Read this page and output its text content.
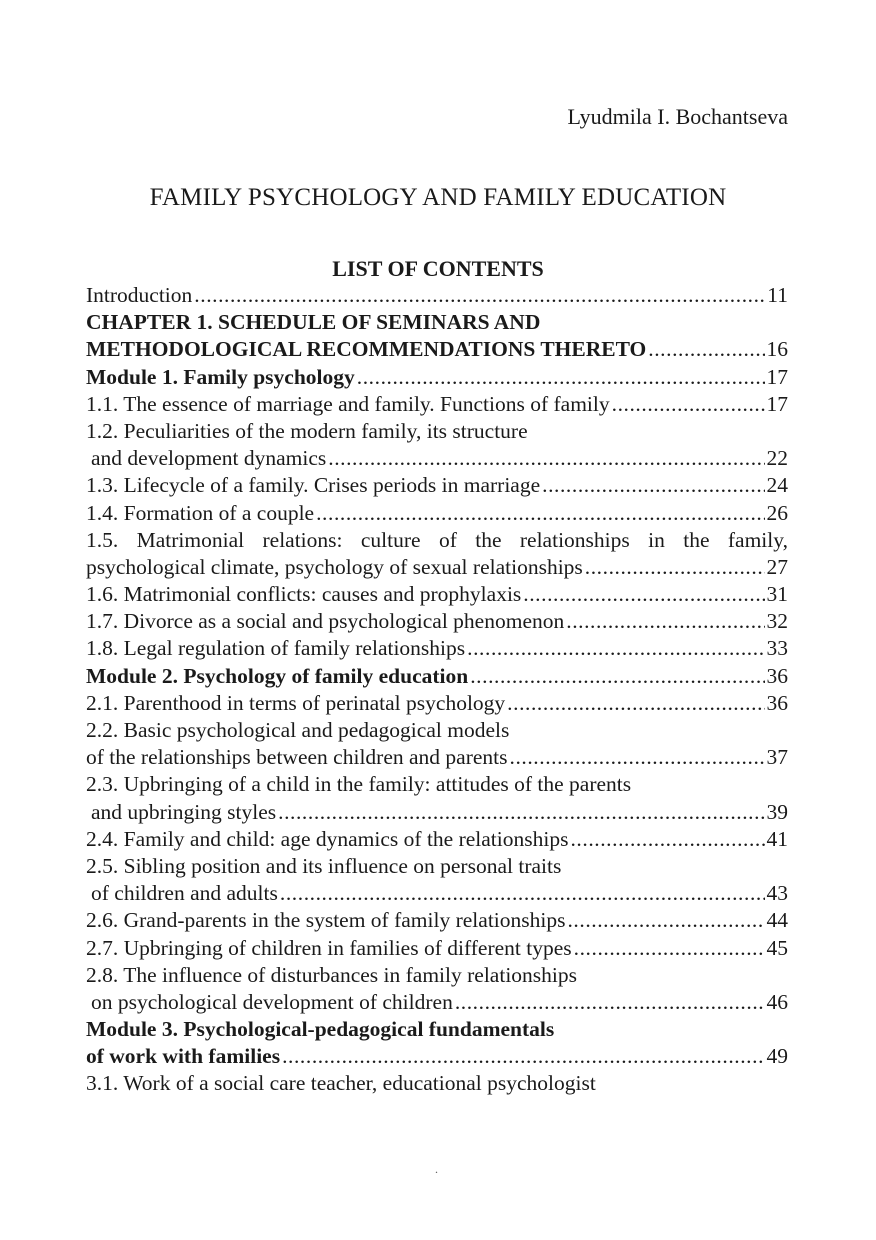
Lyudmila I. Bochantseva
FAMILY PSYCHOLOGY AND FAMILY EDUCATION
LIST OF CONTENTS
Introduction . . .	11
CHAPTER 1. SCHEDULE OF SEMINARS AND
METHODOLOGICAL RECOMMENDATIONS THERETO . . .	16
Module 1. Family psychology . . .	17
1.1. The essence of marriage and family. Functions of family . . .	17
1.2. Peculiarities of the modern family, its structure
and development dynamics . . .	22
1.3. Lifecycle of a family. Crises periods in marriage . . .	24
1.4. Formation of a couple . . .	26
1.5. Matrimonial relations: culture of the relationships in the family,
psychological climate, psychology of sexual relationships . . .	27
1.6. Matrimonial conflicts: causes and prophylaxis . . .	31
1.7. Divorce as a social and psychological phenomenon . . .	32
1.8. Legal regulation of family relationships . . .	33
Module 2. Psychology of family education . . .	36
2.1. Parenthood in terms of perinatal psychology . . .	36
2.2. Basic psychological and pedagogical models
of the relationships between children and parents . . .	37
2.3. Upbringing of a child in the family: attitudes of the parents
and upbringing styles . . .	39
2.4. Family and child: age dynamics of the relationships . . .	41
2.5. Sibling position and its influence on personal traits
of children and adults . . .	43
2.6. Grand-parents in the system of family relationships . . .	44
2.7. Upbringing of children in families of different types . . .	45
2.8. The influence of disturbances in family relationships
on psychological development of children . . .	46
Module 3. Psychological-pedagogical fundamentals
of work with families . . .	49
3.1. Work of a social care teacher, educational psychologist
.
